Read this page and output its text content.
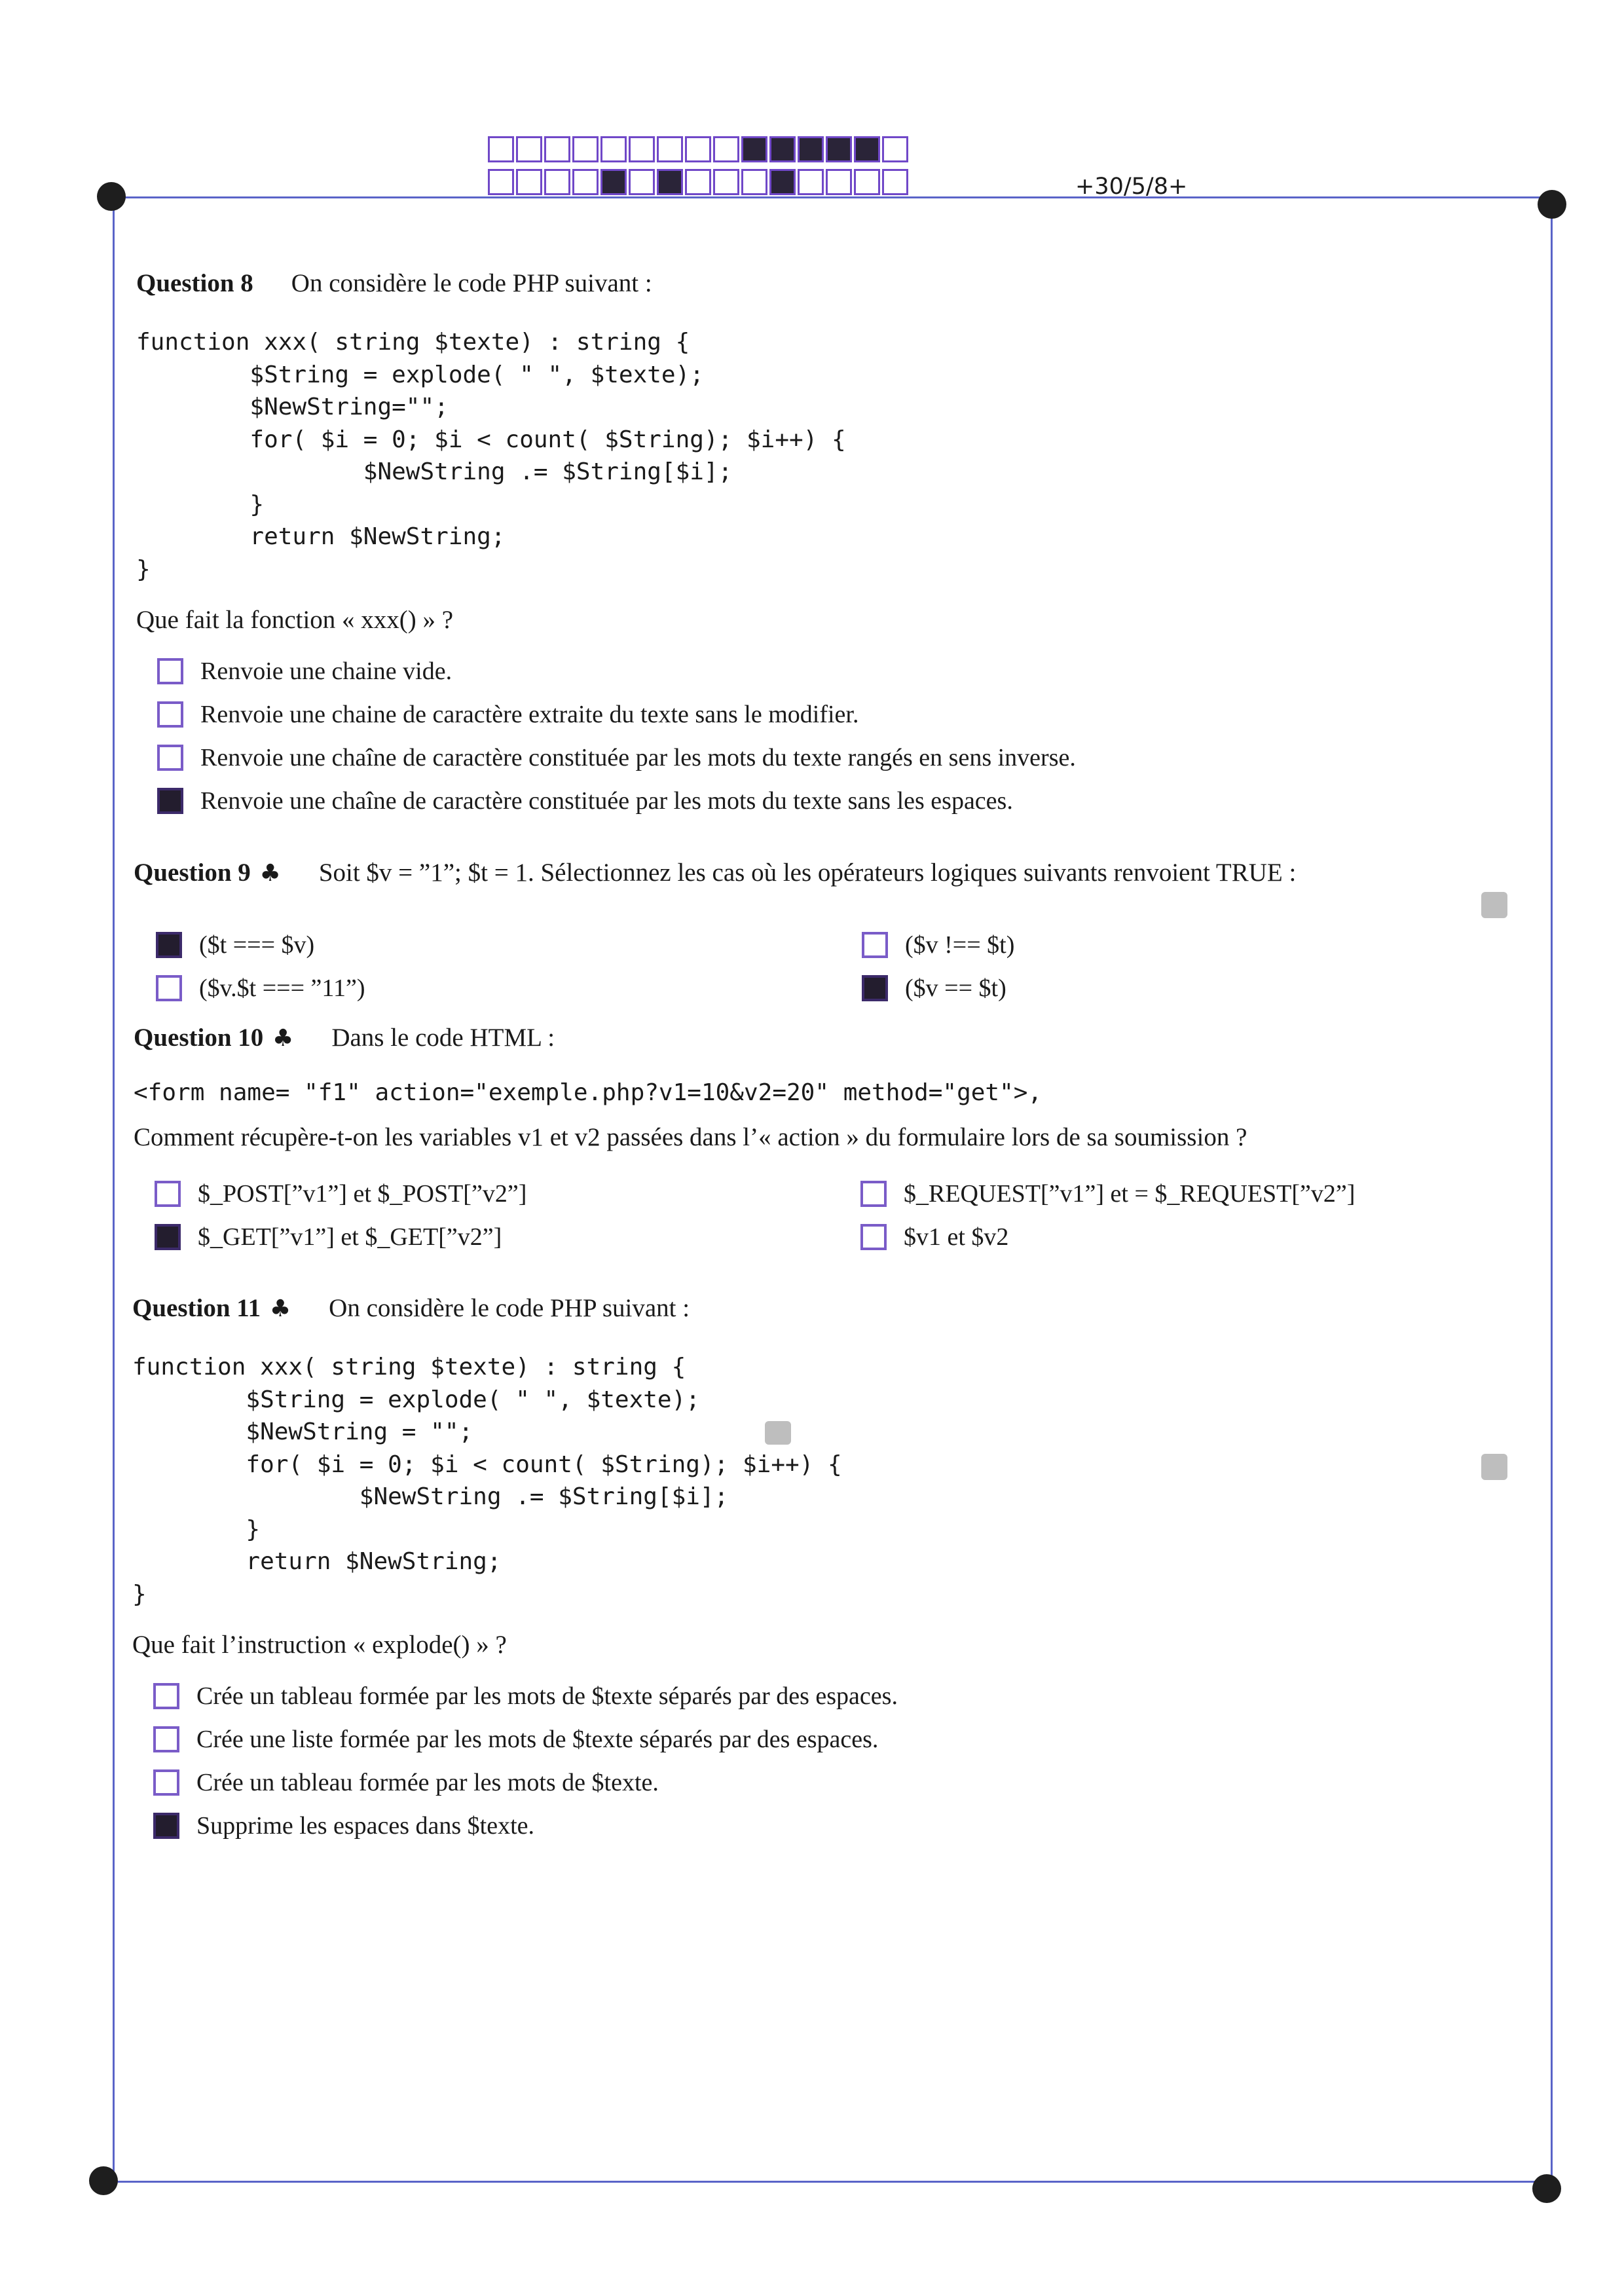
+30/5/8+
Question 8 On considère le code PHP suivant :
function xxx( string $texte) : string {
$String = explode( " ", $texte);
$NewString="";
for( $i = 0; $i < count( $String); $i++) {
$NewString .= $String[$i];
}
return $NewString;
}
Que fait la fonction « xxx() » ?
Renvoie une chaine vide.
Renvoie une chaine de caractère extraite du texte sans le modifier.
Renvoie une chaîne de caractère constituée par les mots du texte rangés en sens inverse.
Renvoie une chaîne de caractère constituée par les mots du texte sans les espaces.
Question 9 ♣ Soit $v = ”1”; $t = 1. Sélectionnez les cas où les opérateurs logiques suivants renvoient TRUE :
($t === $v)
($v.$t === ”11”)
($v !== $t)
($v == $t)
Question 10 ♣ Dans le code HTML :
<form name= "f1" action="exemple.php?v1=10&v2=20" method="get">,
Comment récupère-t-on les variables v1 et v2 passées dans l’« action » du formulaire lors de sa soumission ?
$_POST[”v1”] et $_POST[”v2”]
$_GET[”v1”] et $_GET[”v2”]
$_REQUEST[”v1”] et = $_REQUEST[”v2”]
$v1 et $v2
Question 11 ♣ On considère le code PHP suivant :
function xxx( string $texte) : string {
$String = explode( " ", $texte);
$NewString = "";
for( $i = 0; $i < count( $String); $i++) {
$NewString .= $String[$i];
}
return $NewString;
}
Que fait l’instruction « explode() » ?
Crée un tableau formée par les mots de $texte séparés par des espaces.
Crée une liste formée par les mots de $texte séparés par des espaces.
Crée un tableau formée par les mots de $texte.
Supprime les espaces dans $texte.
